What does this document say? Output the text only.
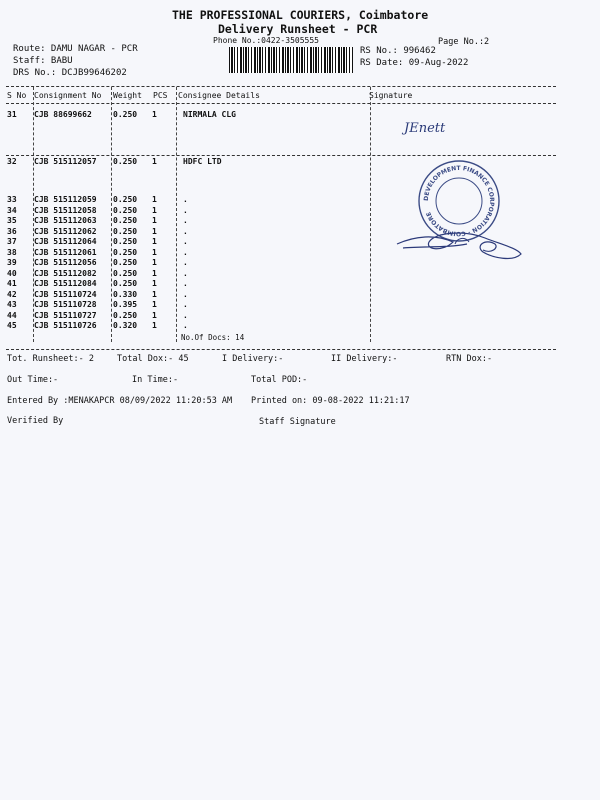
THE PROFESSIONAL COURIERS, Coimbatore
Delivery Runsheet - PCR
Phone No.:0422-3505555	Page No.:2
Route: DAMU NAGAR - PCR
Staff: BABU
DRS No.: DCJB99646202
RS No.: 996462
RS Date: 09-Aug-2022
S No Consignment No Weight PCS Consignee Details	Signature
31 CJB 88699662	0.250 1	NIRMALA CLG
32 CJB 515112057 0.250 1	HDFC LTD
33 CJB 515112059 0.250 1	.
34 CJB 515112058 0.250 1	.
35 CJB 515112063 0.250 1	.
36 CJB 515112062 0.250 1	.
37 CJB 515112064 0.250 1	.
38 CJB 515112061 0.250 1	.
39 CJB 515112056 0.250 1	.
40 CJB 515112082 0.250 1	.
41 CJB 515112084 0.250 1	.
42 CJB 515110724 0.330 1	.
43 CJB 515110728 0.395 1	.
44 CJB 515110727 0.250 1	.
45 CJB 515110726 0.320 1	.
No.Of Docs: 14
JEnett
DEVELOPMENT FINANCE CORPORATION · COIMBATORE
Tot. Runsheet:- 2	Total Dox:- 45	I Delivery:-	II Delivery:-	RTN Dox:-
Out Time:-	In Time:-	Total POD:-
Entered By :MENAKAPCR 08/09/2022 11:20:53 AM Printed on: 09-08-2022 11:21:17
Verified By	Staff Signature
